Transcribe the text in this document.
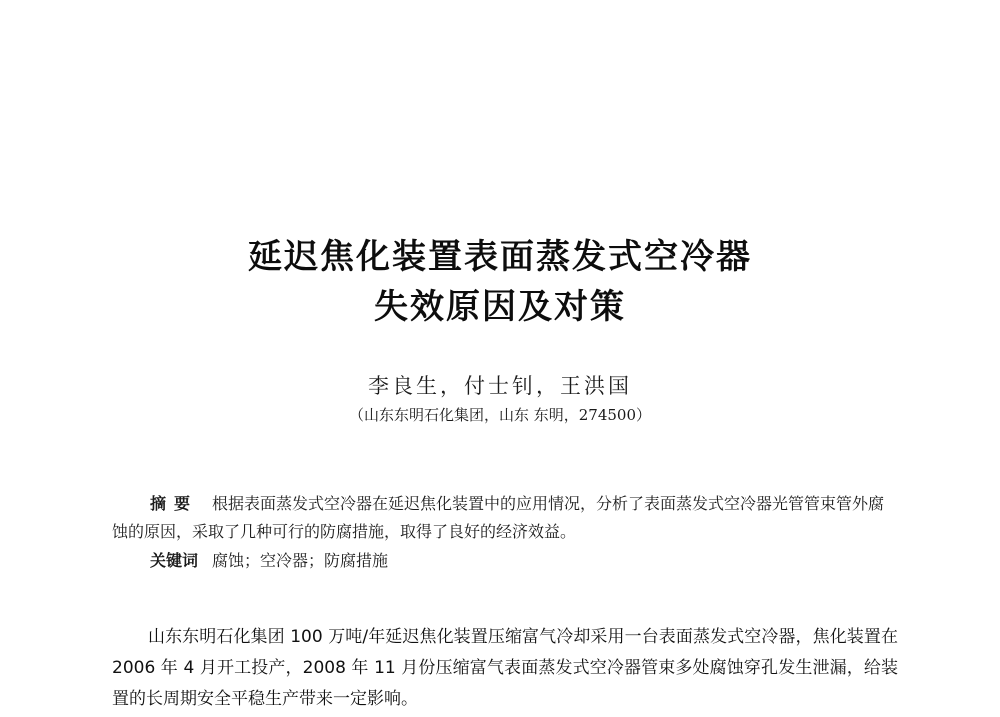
延迟焦化装置表面蒸发式空冷器
失效原因及对策
李良生，付士钊，王洪国
（山东东明石化集团，山东 东明，274500）
摘要 根据表面蒸发式空冷器在延迟焦化装置中的应用情况，分析了表面蒸发式空冷器光管管束管外腐蚀的原因，采取了几种可行的防腐措施，取得了良好的经济效益。
关键词 腐蚀；空冷器；防腐措施
山东东明石化集团 100 万吨/年延迟焦化装置压缩富气冷却采用一台表面蒸发式空冷器，焦化装置在 2006 年 4 月开工投产，2008 年 11 月份压缩富气表面蒸发式空冷器管束多处腐蚀穿孔发生泄漏，给装置的长周期安全平稳生产带来一定影响。
